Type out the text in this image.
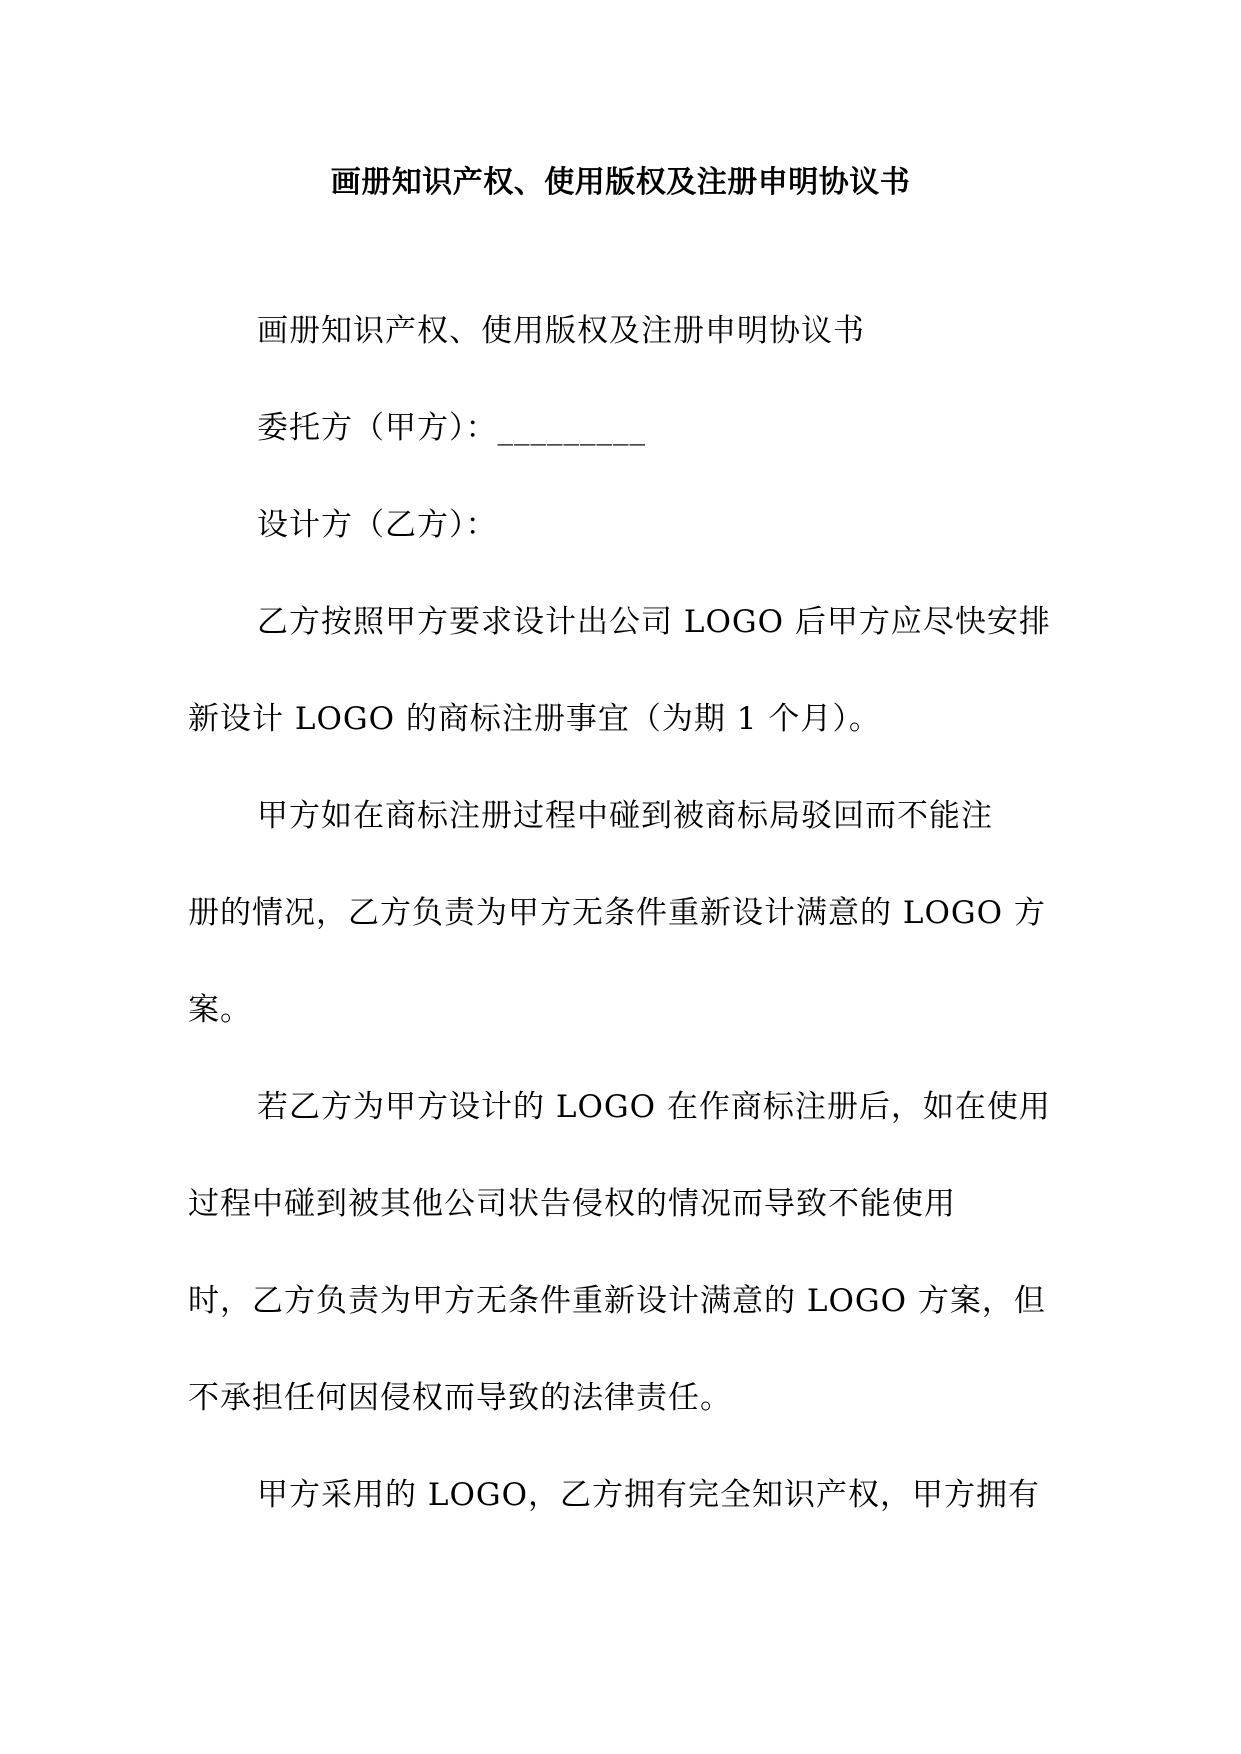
画册知识产权、使用版权及注册申明协议书

画册知识产权、使用版权及注册申明协议书

委托方（甲方）：_________

设计方（乙方）：

乙方按照甲方要求设计出公司 LOGO 后甲方应尽快安排

新设计 LOGO 的商标注册事宜（为期 1 个月）。

甲方如在商标注册过程中碰到被商标局驳回而不能注

册的情况，乙方负责为甲方无条件重新设计满意的 LOGO 方

案。

若乙方为甲方设计的 LOGO 在作商标注册后，如在使用

过程中碰到被其他公司状告侵权的情况而导致不能使用

时，乙方负责为甲方无条件重新设计满意的 LOGO 方案，但

不承担任何因侵权而导致的法律责任。

甲方采用的 LOGO，乙方拥有完全知识产权，甲方拥有
